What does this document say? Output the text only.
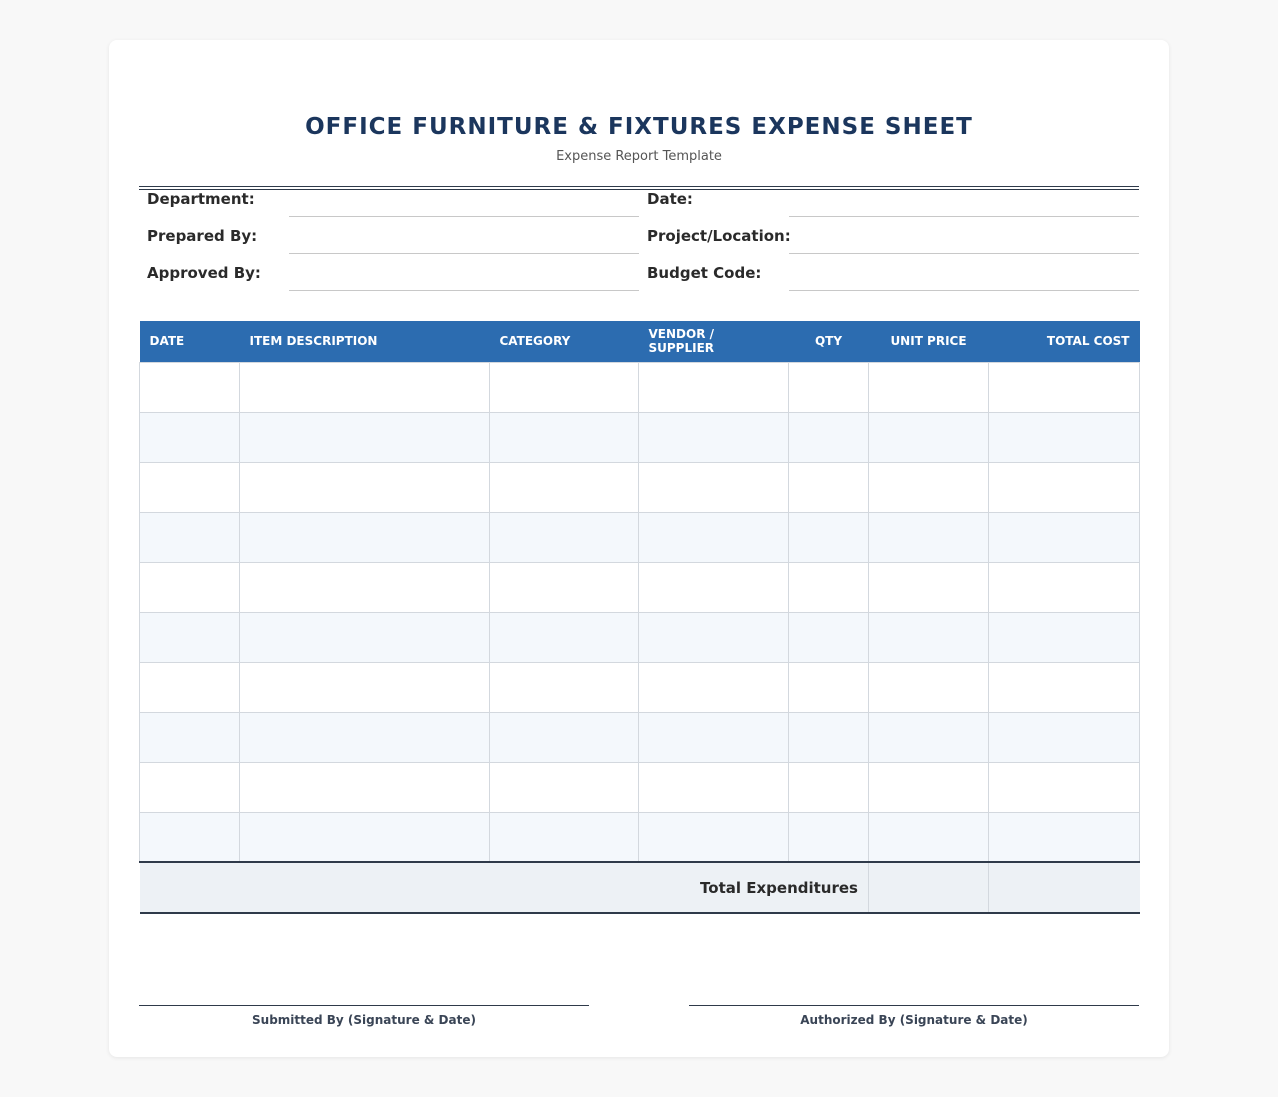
OFFICE FURNITURE & FIXTURES EXPENSE SHEET
Expense Report Template
Department:
Prepared By:
Approved By:
Date:
Project/Location:
Budget Code:
DATE	ITEM DESCRIPTION	CATEGORY	VENDOR / SUPPLIER	QTY	UNIT PRICE	TOTAL COST

Total Expenditures						
Submitted By (Signature & Date)	Authorized By (Signature & Date)
